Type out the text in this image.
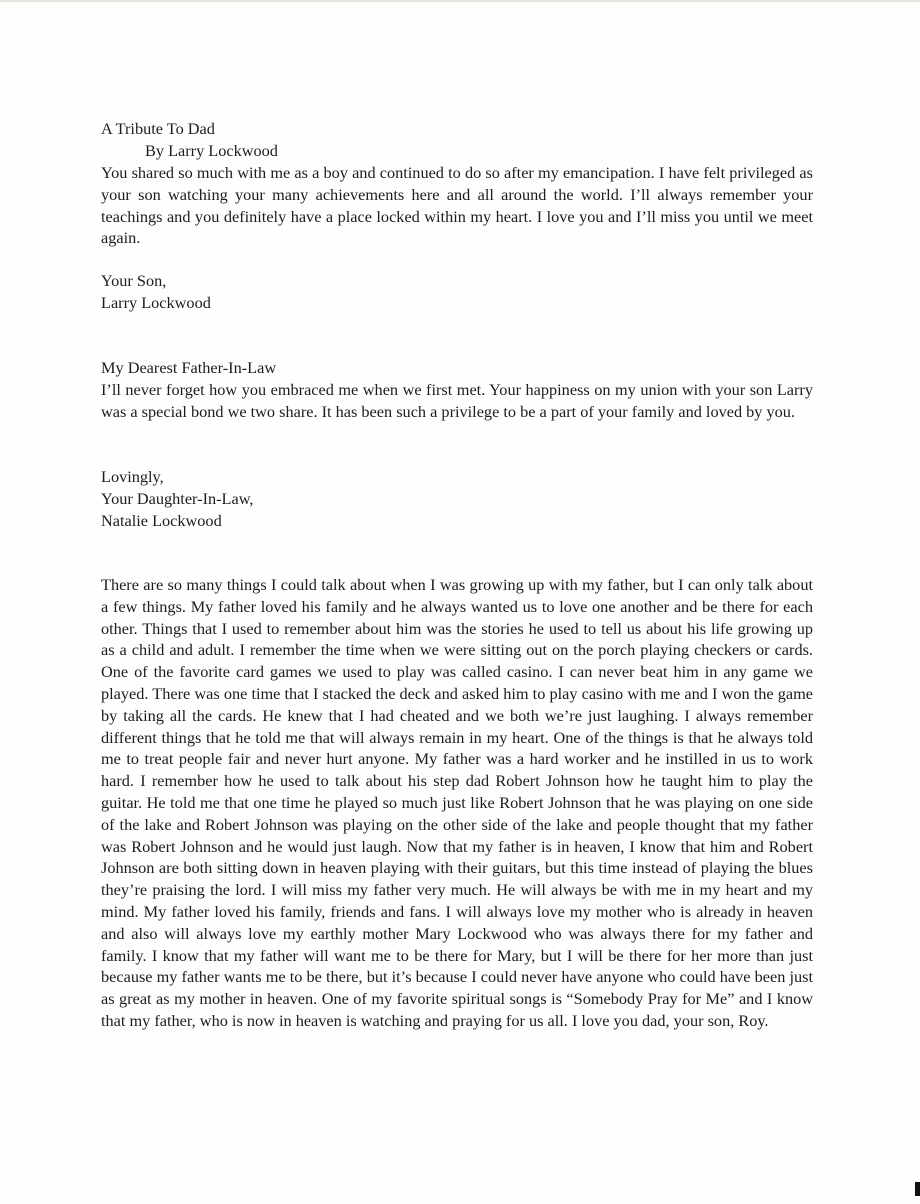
A Tribute To Dad
By Larry Lockwood

You shared so much with me as a boy and continued to do so after my emancipation. I have felt privileged as your son watching your many achievements here and all around the world. I’ll always remember your teachings and you definitely have a place locked within my heart. I love you and I’ll miss you until we meet again.

Your Son,
Larry Lockwood
My Dearest Father-In-Law

I’ll never forget how you embraced me when we first met. Your happiness on my union with your son Larry was a special bond we two share. It has been such a privilege to be a part of your family and loved by you.

Lovingly,
Your Daughter-In-Law,
Natalie Lockwood

There are so many things I could talk about when I was growing up with my father, but I can only talk about a few things. My father loved his family and he always wanted us to love one another and be there for each other. Things that I used to remember about him was the stories he used to tell us about his life growing up as a child and adult. I remember the time when we were sitting out on the porch playing checkers or cards. One of the favorite card games we used to play was called casino. I can never beat him in any game we played. There was one time that I stacked the deck and asked him to play casino with me and I won the game by taking all the cards. He knew that I had cheated and we both we’re just laughing. I always remember different things that he told me that will always remain in my heart. One of the things is that he always told me to treat people fair and never hurt anyone. My father was a hard worker and he instilled in us to work hard. I remember how he used to talk about his step dad Robert Johnson how he taught him to play the guitar. He told me that one time he played so much just like Robert Johnson that he was playing on one side of the lake and Robert Johnson was playing on the other side of the lake and people thought that my father was Robert Johnson and he would just laugh. Now that my father is in heaven, I know that him and Robert Johnson are both sitting down in heaven playing with their guitars, but this time instead of playing the blues they’re praising the lord. I will miss my father very much. He will always be with me in my heart and my mind. My father loved his family, friends and fans. I will always love my mother who is already in heaven and also will always love my earthly mother Mary Lockwood who was always there for my father and family. I know that my father will want me to be there for Mary, but I will be there for her more than just because my father wants me to be there, but it’s because I could never have anyone who could have been just as great as my mother in heaven. One of my favorite spiritual songs is “Somebody Pray for Me” and I know that my father, who is now in heaven is watching and praying for us all. I love you dad, your son, Roy.
